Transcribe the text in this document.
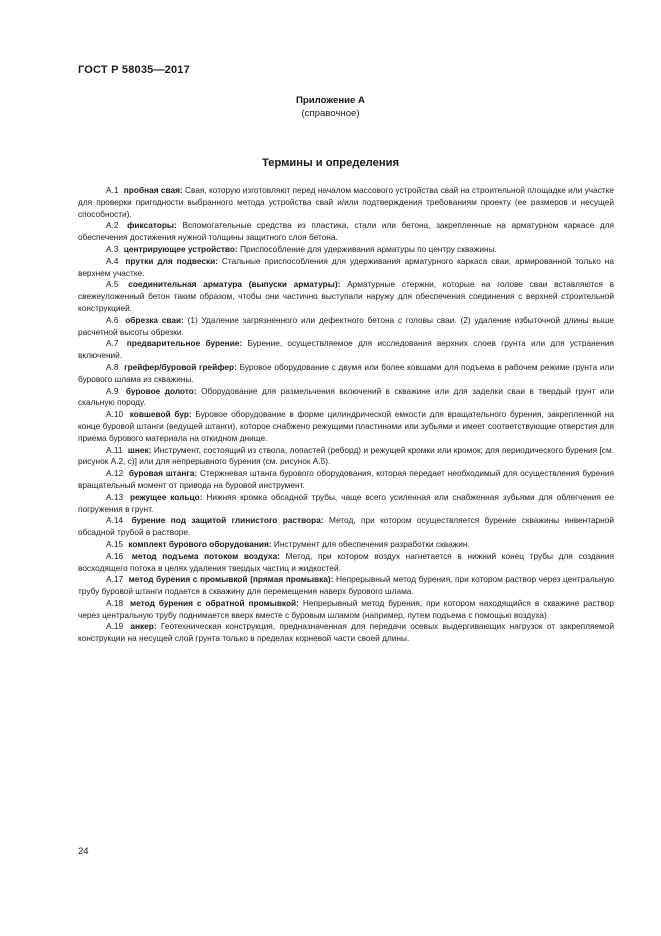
ГОСТ Р 58035—2017
Приложение А
(справочное)
Термины и определения

А.1 пробная свая: Свая, которую изготовляют перед началом массового устройства свай на строительной площадке или участке для проверки пригодности выбранного метода устройства свай и/или подтверждения требованиям проекту (ее размеров и несущей способности).

А.2 фиксаторы: Вспомогательные средства из пластика, стали или бетона, закрепленные на арматурном каркасе для обеспечения достижения нужной толщины защитного слоя бетона.

А.3 центрирующее устройство: Приспособление для удерживания арматуры по центру скважины.

А.4 прутки для подвески: Стальные приспособления для удерживания арматурного каркаса сваи, армированной только на верхнем участке.

А.5 соединительная арматура (выпуски арматуры): Арматурные стержни, которые на голове сваи вставляются в свежеуложенный бетон таким образом, чтобы они частично выступали наружу для обеспечения соединения с верхней строительной конструкцией.

А.6 обрезка сваи: (1) Удаление загрязненного или дефектного бетона с головы сваи. (2) удаление избыточной длины выше расчетной высоты обрезки.

А.7 предварительное бурение: Бурение, осуществляемое для исследования верхних слоев грунта или для устранения включений.

А.8 грейфер/буровой грейфер: Буровое оборудование с двумя или более ковшами для подъема в рабочем режиме грунта или бурового шлама из скважины.

А.9 буровое долото: Оборудование для размельчения включений в скважине или для заделки сваи в твердый грунт или скальную породу.

А.10 ковшевой бур: Буровое оборудование в форме цилиндрической емкости для вращательного бурения, закрепленной на конце буровой штанги (ведущей штанги), которое снабжено режущими пластинами или зубьями и имеет соответствующие отверстия для приема бурового материала на откидном днище.

А.11 шнек: Инструмент, состоящий из ствола, лопастей (реборд) и режущей кромки или кромок; для периодического бурения [см. рисунок А.2, с)] или для непрерывного бурения (см. рисунок А.5).

А.12 буровая штанга: Стержневая штанга бурового оборудования, которая передает необходимый для осуществления бурения вращательный момент от привода на буровой инструмент.

А.13 режущее кольцо: Нижняя кромка обсадной трубы, чаще всего усиленная или снабженная зубьями для облегчения ее погружения в грунт.

А.14 бурение под защитой глинистого раствора: Метод, при котором осуществляется бурение скважины инвентарной обсадной трубой в растворе.

А.15 комплект бурового оборудования: Инструмент для обеспечения разработки скважин.

А.16 метод подъема потоком воздуха: Метод, при котором воздух нагнетается в нижний конец трубы для создания восходящего потока в целях удаления твердых частиц и жидкостей.

А.17 метод бурения с промывкой (прямая промывка): Непрерывный метод бурения, при котором раствор через центральную трубу буровой штанги подается в скважину для перемещения наверх бурового шлама.

А.18 метод бурения с обратной промывкой: Непрерывный метод бурения, при котором находящийся в скважине раствор через центральную трубу поднимается вверх вместе с буровым шламом (например, путем подъема с помощью воздуха).

А.19 анкер: Геотехническая конструкция, предназначенная для передачи осевых выдергивающих нагрузок от закрепляемой конструкции на несущей слой грунта только в пределах корневой части своей длины.

24
